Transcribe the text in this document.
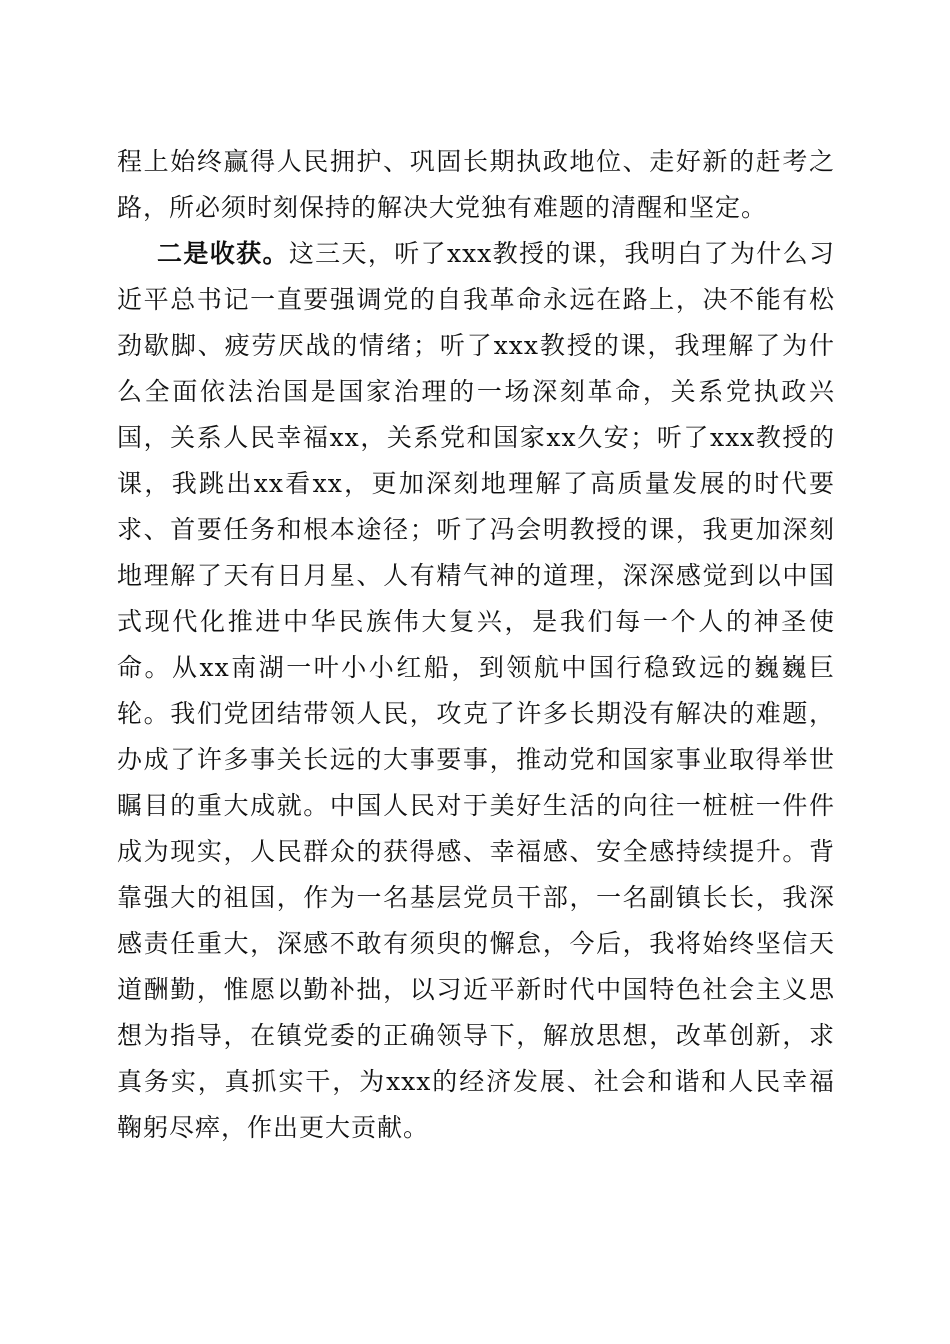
程上始终赢得人民拥护、巩固长期执政地位、走好新的赶考之路，所必须时刻保持的解决大党独有难题的清醒和坚定。

二是收获。这三天，听了xxx教授的课，我明白了为什么习近平总书记一直要强调党的自我革命永远在路上，决不能有松劲歇脚、疲劳厌战的情绪；听了xxx教授的课，我理解了为什么全面依法治国是国家治理的一场深刻革命，关系党执政兴国，关系人民幸福xx，关系党和国家xx久安；听了xxx教授的课，我跳出xx看xx，更加深刻地理解了高质量发展的时代要求、首要任务和根本途径；听了冯会明教授的课，我更加深刻地理解了天有日月星、人有精气神的道理，深深感觉到以中国式现代化推进中华民族伟大复兴，是我们每一个人的神圣使命。从xx南湖一叶小小红船，到领航中国行稳致远的巍巍巨轮。我们党团结带领人民，攻克了许多长期没有解决的难题，办成了许多事关长远的大事要事，推动党和国家事业取得举世瞩目的重大成就。中国人民对于美好生活的向往一桩桩一件件成为现实，人民群众的获得感、幸福感、安全感持续提升。背靠强大的祖国，作为一名基层党员干部，一名副镇长长，我深感责任重大，深感不敢有须臾的懈怠，今后，我将始终坚信天道酬勤，惟愿以勤补拙，以习近平新时代中国特色社会主义思想为指导，在镇党委的正确领导下，解放思想，改革创新，求真务实，真抓实干，为xxx的经济发展、社会和谐和人民幸福鞠躬尽瘁，作出更大贡献。
